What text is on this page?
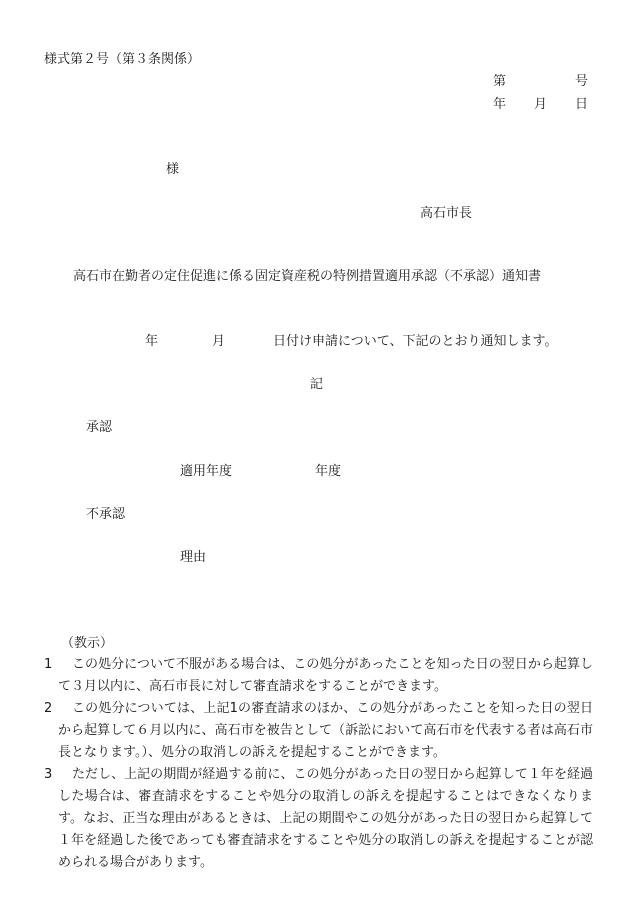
様式第２号（第３条関係）
第	号
年 月 日
様
高石市長
高石市在勤者の定住促進に係る固定資産税の特例措置適用承認（不承認）通知書
年	月	日付け申請について、下記のとおり通知します。
記
承認
適用年度	年度
不承認
理由
（教示）
1	この処分について不服がある場合は、この処分があったことを知った日の翌日から起算して３月以内に、高石市長に対して審査請求をすることができます。
2	この処分については、上記1の審査請求のほか、この処分があったことを知った日の翌日から起算して６月以内に、高石市を被告として（訴訟において高石市を代表する者は高石市長となります。）、処分の取消しの訴えを提起することができます。
3	ただし、上記の期間が経過する前に、この処分があった日の翌日から起算して１年を経過した場合は、審査請求をすることや処分の取消しの訴えを提起することはできなくなります。なお、正当な理由があるときは、上記の期間やこの処分があった日の翌日から起算して１年を経過した後であっても審査請求をすることや処分の取消しの訴えを提起することが認められる場合があります。
